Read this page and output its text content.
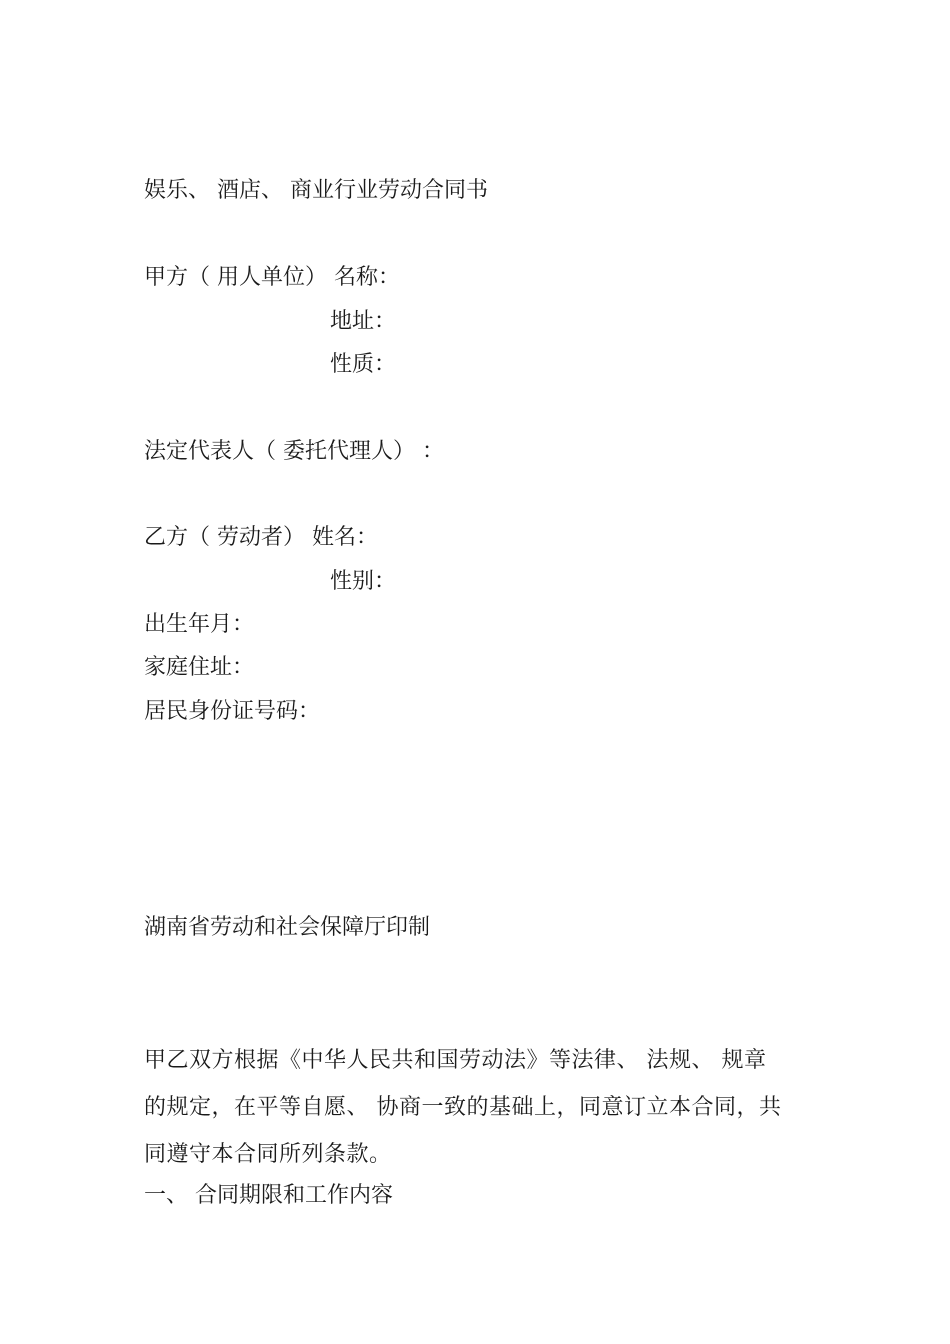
娱乐、 酒店、 商业行业劳动合同书
甲方（ 用人单位） 名称：
地址：
性质：
法定代表人（ 委托代理人） ：
乙方（ 劳动者） 姓名：
性别：
出生年月：
家庭住址：
居民身份证号码：
湖南省劳动和社会保障厅印制
甲乙双方根据《中华人民共和国劳动法》等法律、 法规、 规章
的规定，在平等自愿、 协商一致的基础上，同意订立本合同，共
同遵守本合同所列条款。
一、 合同期限和工作内容
